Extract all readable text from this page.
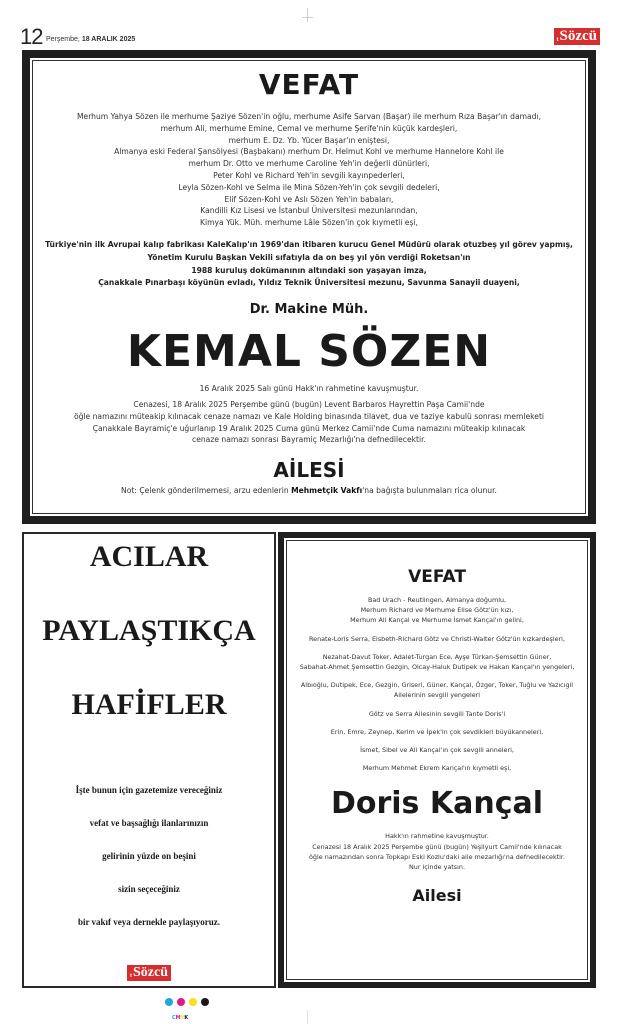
12 Perşembe, 18 ARALIK 2025	t Sözcü
VEFAT
Merhum Yahya Sözen ile merhume Şaziye Sözen'in oğlu, merhume Asife Sarvan (Başar) ile merhum Rıza Başar'ın damadı,
merhum Ali, merhume Emine, Cemal ve merhume Şerife'nin küçük kardeşleri,
merhum E. Dz. Yb. Yücer Başar'ın eniştesi,
Almanya eski Federal Şansölyesi (Başbakanı) merhum Dr. Helmut Kohl ve merhume Hannelore Kohl ile
merhum Dr. Otto ve merhume Caroline Yeh'in değerli dünürleri,
Peter Kohl ve Richard Yeh'in sevgili kayınpederleri,
Leyla Sözen-Kohl ve Selma ile Mina Sözen-Yeh'in çok sevgili dedeleri,
Elif Sözen-Kohl ve Aslı Sözen Yeh'in babaları,
Kandilli Kız Lisesi ve İstanbul Üniversitesi mezunlarından,
Kimya Yük. Müh. merhume Lâle Sözen'in çok kıymetli eşi,
Türkiye'nin ilk Avrupai kalıp fabrikası KaleKalıp'ın 1969'dan itibaren kurucu Genel Müdürü olarak otuzbeş yıl görev yapmış,
Yönetim Kurulu Başkan Vekili sıfatıyla da on beş yıl yön verdiği Roketsan'ın
1988 kuruluş dokümanının altındaki son yaşayan imza,
Çanakkale Pınarbaşı köyünün evladı, Yıldız Teknik Üniversitesi mezunu, Savunma Sanayii duayeni,
Dr. Makine Müh.
KEMAL SÖZEN
16 Aralık 2025 Salı günü Hakk'ın rahmetine kavuşmuştur.
Cenazesi, 18 Aralık 2025 Perşembe günü (bugün) Levent Barbaros Hayrettin Paşa Camii'nde
öğle namazını müteakip kılınacak cenaze namazı ve Kale Holding binasında tilavet, dua ve taziye kabulü sonrası memleketi
Çanakkale Bayramiç'e uğurlanıp 19 Aralık 2025 Cuma günü Merkez Camii'nde Cuma namazını müteakip kılınacak
cenaze namazı sonrası Bayramiç Mezarlığı'na defnedilecektir.
AİLESİ
Not: Çelenk gönderilmemesi, arzu edenlerin Mehmetçik Vakfı'na bağışta bulunmaları rica olunur.
ACILAR
PAYLAŞTIKÇA
HAFİFLER
İşte bunun için gazetemize vereceğiniz
vefat ve başsağlığı ilanlarınızın
gelirinin yüzde on beşini
sizin seçeceğiniz
bir vakıf veya dernekle paylaşıyoruz.
t Sözcü
VEFAT
Bad Urach - Reutlingen, Almanya doğumlu,
Merhum Richard ve Merhume Elise Götz'ün kızı,
Merhum Ali Kançal ve Merhume İsmet Kançal'ın gelini,
Renate-Loris Serra, Elsbeth-Richard Götz ve Christl-Walter Götz'ün kızkardeşleri,
Nezahat-Davut Toker, Adalet-Turgan Ece, Ayşe Türkan-Şemsettin Güner,
Sabahat-Ahmet Şemsettin Gezgin, Olcay-Haluk Dutipek ve Hakan Kançal'ın yengeleri,
Albıoğlu, Dutipek, Ece, Gezgin, Griseri, Güner, Kançal, Özger, Toker, Tuğlu ve Yazıcıgil
Ailelerinin sevgili yengeleri
Götz ve Serra Ailesinin sevgili Tante Doris'i
Erin, Emre, Zeynep, Kerim ve İpek'in çok sevdikleri büyükanneleri,
İsmet, Sibel ve Ali Kançal'ın çok sevgili anneleri,
Merhum Mehmet Ekrem Kançal'ın kıymetli eşi,
Doris Kançal
Hakk'ın rahmetine kavuşmuştur.
Cenazesi 18 Aralık 2025 Perşembe günü (bugün) Yeşilyurt Camii'nde kılınacak
öğle namazından sonra Topkapı Eski Kozlu'daki aile mezarlığı'na defnedilecektir.
Nur içinde yatsın.
Ailesi
CMYK
